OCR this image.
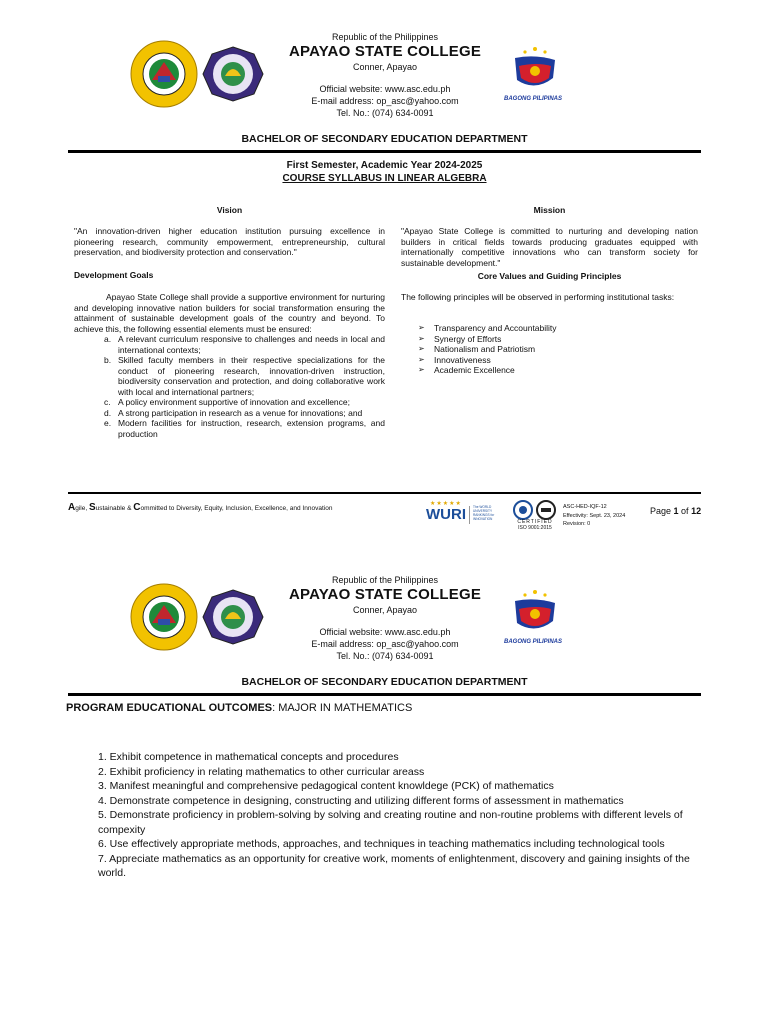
Republic of the Philippines
APAYAO STATE COLLEGE
Conner, Apayao
Official website: www.asc.edu.ph
E-mail address: op_asc@yahoo.com
Tel. No.: (074) 634-0091
BAGONG PILIPINAS
BACHELOR OF SECONDARY EDUCATION DEPARTMENT
First Semester, Academic Year 2024-2025
COURSE SYLLABUS IN LINEAR ALGEBRA
Vision
"An innovation-driven higher education institution pursuing excellence in pioneering research, community empowerment, entrepreneurship, cultural preservation, and biodiversity protection and conservation."
Mission
"Apayao State College is committed to nurturing and developing nation builders in critical fields towards producing graduates equipped with internationally competitive innovations who can transform society for sustainable development."
Development Goals
Apayao State College shall provide a supportive environment for nurturing and developing innovative nation builders for social transformation ensuring the attainment of sustainable development goals of the country and beyond. To achieve this, the following essential elements must be ensured:
a. A relevant curriculum responsive to challenges and needs in local and international contexts;
b. Skilled faculty members in their respective specializations for the conduct of pioneering research, innovation-driven instruction, biodiversity conservation and protection, and doing collaborative work with local and international partners;
c. A policy environment supportive of innovation and excellence;
d. A strong participation in research as a venue for innovations; and
e. Modern facilities for instruction, research, extension programs, and production
Core Values and Guiding Principles
The following principles will be observed in performing institutional tasks:
➢ Transparency and Accountability
➢ Synergy of Efforts
➢ Nationalism and Patriotism
➢ Innovativeness
➢ Academic Excellence
Agile, Sustainable & Committed to Diversity, Equity, Inclusion, Excellence, and Innovation
★★★★★
WURI The WORLD UNIVERSITY RANKINGS for INNOVATION	CERTIFIED
ISO 9001:2015
ASC-HED-IQF-12
Effectivity: Sept. 23, 2024
Revision: 0
Page 1 of 12
Republic of the Philippines
APAYAO STATE COLLEGE
Conner, Apayao
Official website: www.asc.edu.ph
E-mail address: op_asc@yahoo.com
Tel. No.: (074) 634-0091
BAGONG PILIPINAS
BACHELOR OF SECONDARY EDUCATION DEPARTMENT
PROGRAM EDUCATIONAL OUTCOMES: MAJOR IN MATHEMATICS
1. Exhibit competence in mathematical concepts and procedures
2. Exhibit proficiency in relating mathematics to other curricular areass
3. Manifest meaningful and comprehensive pedagogical content knowldege (PCK) of mathematics
4. Demonstrate competence in designing, constructing and utilizing different forms of assessment in mathematics
5. Demonstrate proficiency in problem-solving by solving and creating routine and non-routine problems with different levels of compexity
6. Use effectively appropriate methods, approaches, and techniques in teaching mathematics including technological tools
7. Appreciate mathematics as an opportunity for creative work, moments of enlightenment, discovery and gaining insights of the world.
